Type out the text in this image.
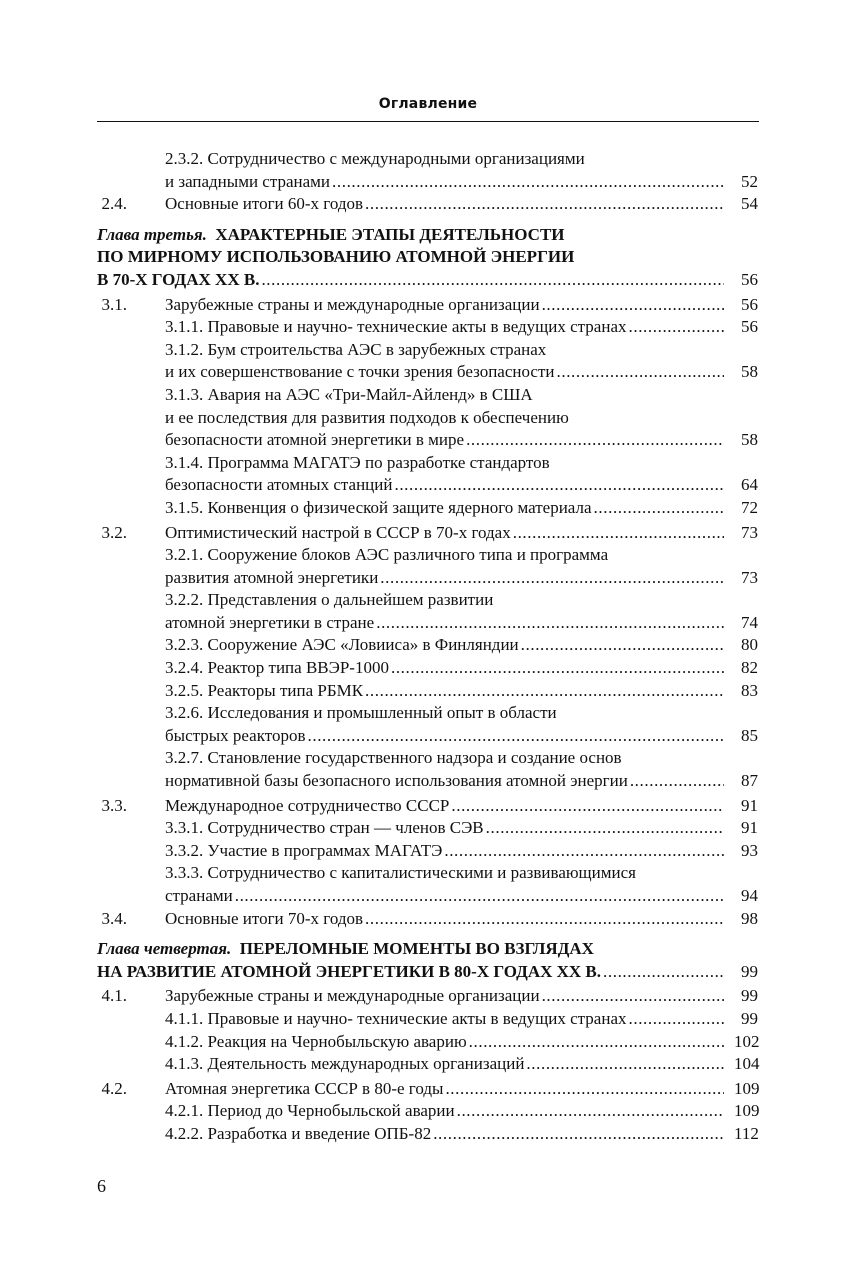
Оглавление
2.3.2. Сотрудничество с международными организациями
и западными странами .....	52
2.4. Основные итоги 60-х годов .....	54
Глава третья. ХАРАКТЕРНЫЕ ЭТАПЫ ДЕЯТЕЛЬНОСТИ
ПО МИРНОМУ ИСПОЛЬЗОВАНИЮ АТОМНОЙ ЭНЕРГИИ
В 70-Х ГОДАХ ХХ В. .....	56
3.1. Зарубежные страны и международные организации .....	56
3.1.1. Правовые и научно- технические акты в ведущих странах .....	56
3.1.2. Бум строительства АЭС в зарубежных странах
и их совершенствование с точки зрения безопасности .....	58
3.1.3. Авария на АЭС «Три-Майл-Айленд» в США
и ее последствия для развития подходов к обеспечению
безопасности атомной энергетики в мире .....	58
3.1.4. Программа МАГАТЭ по разработке стандартов
безопасности атомных станций .....	64
3.1.5. Конвенция о физической защите ядерного материала .....	72
3.2. Оптимистический настрой в СССР в 70-х годах .....	73
3.2.1. Сооружение блоков АЭС различного типа и программа
развития атомной энергетики .....	73
3.2.2. Представления о дальнейшем развитии
атомной энергетики в стране .....	74
3.2.3. Сооружение АЭС «Ловииса» в Финляндии .....	80
3.2.4. Реактор типа ВВЭР-1000 .....	82
3.2.5. Реакторы типа РБМК .....	83
3.2.6. Исследования и промышленный опыт в области
быстрых реакторов .....	85
3.2.7. Становление государственного надзора и создание основ
нормативной базы безопасного использования атомной энергии .....	87
3.3. Международное сотрудничество СССР .....	91
3.3.1. Сотрудничество стран — членов СЭВ .....	91
3.3.2. Участие в программах МАГАТЭ .....	93
3.3.3. Сотрудничество с капиталистическими и развивающимися
странами .....	94
3.4. Основные итоги 70-х годов .....	98
Глава четвертая. ПЕРЕЛОМНЫЕ МОМЕНТЫ ВО ВЗГЛЯДАХ
НА РАЗВИТИЕ АТОМНОЙ ЭНЕРГЕТИКИ В 80-Х ГОДАХ ХХ В. .....	99
4.1. Зарубежные страны и международные организации .....	99
4.1.1. Правовые и научно- технические акты в ведущих странах .....	99
4.1.2. Реакция на Чернобыльскую аварию .....	102
4.1.3. Деятельность международных организаций .....	104
4.2. Атомная энергетика СССР в 80-е годы .....	109
4.2.1. Период до Чернобыльской аварии .....	109
4.2.2. Разработка и введение ОПБ-82 .....	112
6
